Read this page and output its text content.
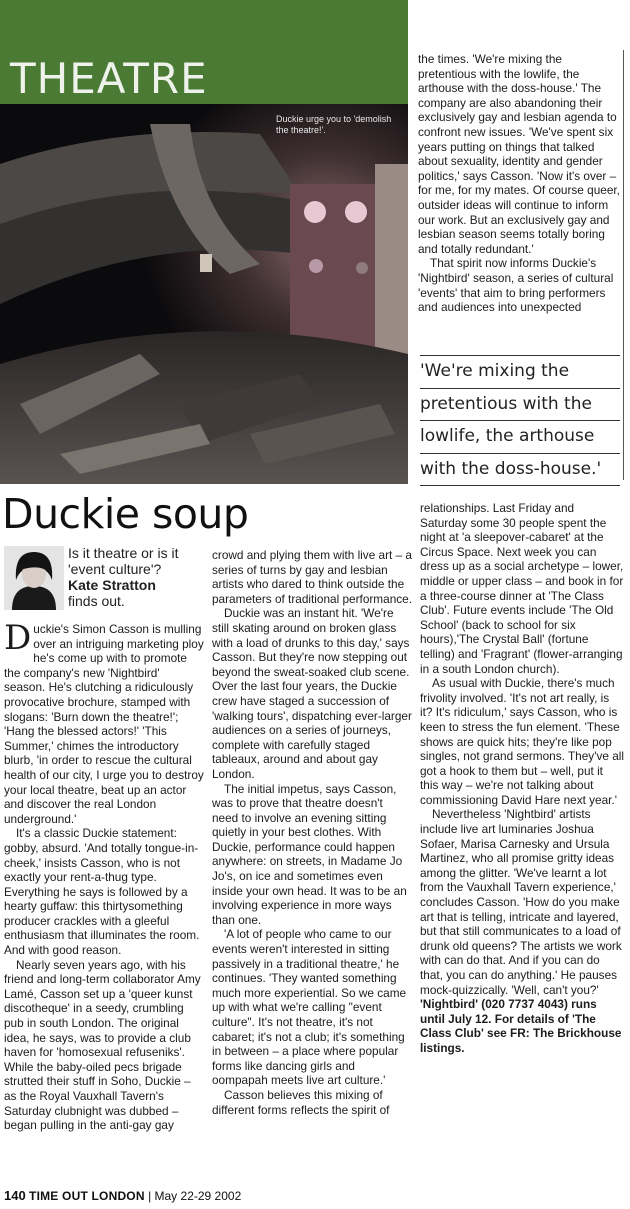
THEATRE
Duckie urge you to 'demolish the theatre!'.

the times. 'We're mixing the pretentious with the lowlife, the arthouse with the doss-house.' The company are also abandoning their exclusively gay and lesbian agenda to confront new issues. 'We've spent six years putting on things that talked about sexuality, identity and gender politics,' says Casson. 'Now it's over – for me, for my mates. Of course queer, outsider ideas will continue to inform our work. But an exclusively gay and lesbian season seems totally boring and totally redundant.'

That spirit now informs Duckie's 'Nightbird' season, a series of cultural 'events' that aim to bring performers and audiences into unexpected

'We're mixing the
pretentious with the
lowlife, the arthouse
with the doss-house.'
Duckie soup
Is it theatre or is it 'event culture'?
Kate Stratton
finds out.

Duckie's Simon Casson is mulling over an intriguing marketing ploy he's come up with to promote the company's new 'Nightbird' season. He's clutching a ridiculously provocative brochure, stamped with slogans: 'Burn down the theatre!'; 'Hang the blessed actors!' 'This Summer,' chimes the introductory blurb, 'in order to rescue the cultural health of our city, I urge you to destroy your local theatre, beat up an actor and discover the real London underground.'

It's a classic Duckie statement: gobby, absurd. 'And totally tongue-in-cheek,' insists Casson, who is not exactly your rent-a-thug type. Everything he says is followed by a hearty guffaw: this thirtysomething producer crackles with a gleeful enthusiasm that illuminates the room. And with good reason.

Nearly seven years ago, with his friend and long-term collaborator Amy Lamé, Casson set up a 'queer kunst discotheque' in a seedy, crumbling pub in south London. The original idea, he says, was to provide a club haven for 'homosexual refuseniks'. While the baby-oiled pecs brigade strutted their stuff in Soho, Duckie – as the Royal Vauxhall Tavern's Saturday clubnight was dubbed – began pulling in the anti-gay gay

crowd and plying them with live art – a series of turns by gay and lesbian artists who dared to think outside the parameters of traditional performance.

Duckie was an instant hit. 'We're still skating around on broken glass with a load of drunks to this day,' says Casson. But they're now stepping out beyond the sweat-soaked club scene. Over the last four years, the Duckie crew have staged a succession of 'walking tours', dispatching ever-larger audiences on a series of journeys, complete with carefully staged tableaux, around and about gay London.

The initial impetus, says Casson, was to prove that theatre doesn't need to involve an evening sitting quietly in your best clothes. With Duckie, performance could happen anywhere: on streets, in Madame Jo Jo's, on ice and sometimes even inside your own head. It was to be an involving experience in more ways than one.

'A lot of people who came to our events weren't interested in sitting passively in a traditional theatre,' he continues. 'They wanted something much more experiential. So we came up with what we're calling "event culture". It's not theatre, it's not cabaret; it's not a club; it's something in between – a place where popular forms like dancing girls and oompapah meets live art culture.'

Casson believes this mixing of different forms reflects the spirit of

relationships. Last Friday and Saturday some 30 people spent the night at 'a sleepover-cabaret' at the Circus Space. Next week you can dress up as a social archetype – lower, middle or upper class – and book in for a three-course dinner at 'The Class Club'. Future events include 'The Old School' (back to school for six hours),'The Crystal Ball' (fortune telling) and 'Fragrant' (flower-arranging in a south London church).

As usual with Duckie, there's much frivolity involved. 'It's not art really, is it? It's ridiculum,' says Casson, who is keen to stress the fun element. 'These shows are quick hits; they're like pop singles, not grand sermons. They've all got a hook to them but – well, put it this way – we're not talking about commissioning David Hare next year.'

Nevertheless 'Nightbird' artists include live art luminaries Joshua Sofaer, Marisa Carnesky and Ursula Martinez, who all promise gritty ideas among the glitter. 'We've learnt a lot from the Vauxhall Tavern experience,' concludes Casson. 'How do you make art that is telling, intricate and layered, but that still communicates to a load of drunk old queens? The artists we work with can do that. And if you can do that, you can do anything.' He pauses mock-quizzically. 'Well, can't you?'

'Nightbird' (020 7737 4043) runs until July 12. For details of 'The Class Club' see FR: The Brickhouse listings.

140 TIME OUT LONDON | May 22-29 2002
